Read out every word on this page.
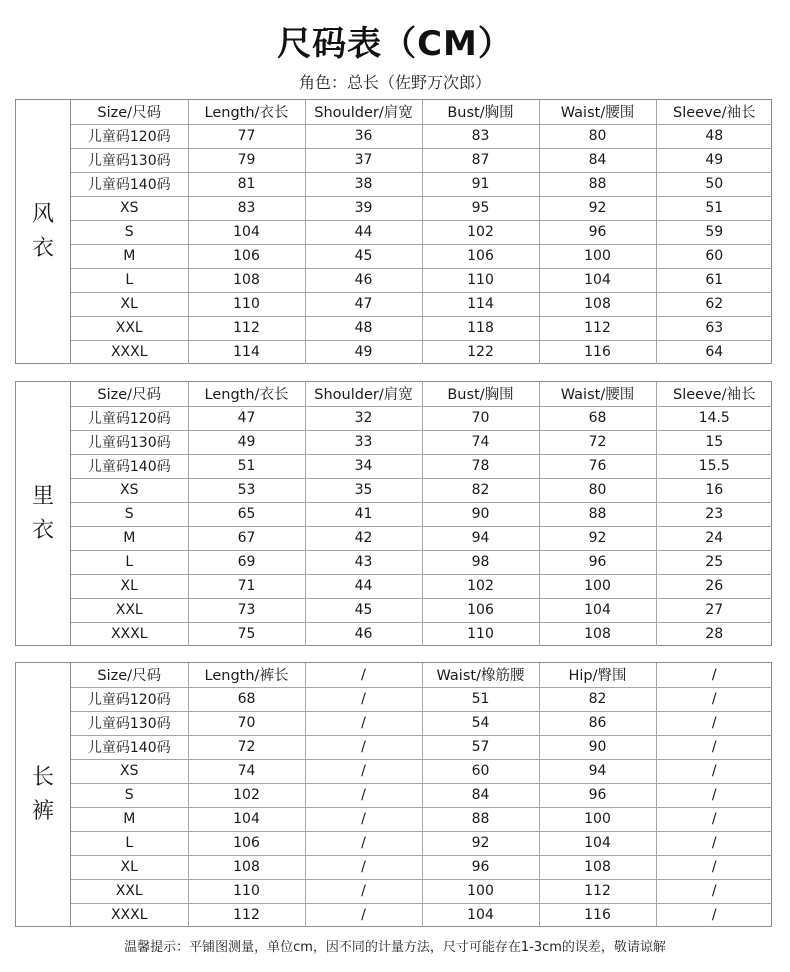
尺码表（CM）
角色：总长（佐野万次郎）
风
衣
Size/尺码	Length/衣长	Shoulder/肩宽	Bust/胸围	Waist/腰围	Sleeve/袖长
儿童码120码	77	36	83	80	48
儿童码130码	79	37	87	84	49
儿童码140码	81	38	91	88	50
XS	83	39	95	92	51
S	104	44	102	96	59
M	106	45	106	100	60
L	108	46	110	104	61
XL	110	47	114	108	62
XXL	112	48	118	112	63
XXXL	114	49	122	116	64
里
衣
Size/尺码	Length/衣长	Shoulder/肩宽	Bust/胸围	Waist/腰围	Sleeve/袖长
儿童码120码	47	32	70	68	14.5
儿童码130码	49	33	74	72	15
儿童码140码	51	34	78	76	15.5
XS	53	35	82	80	16
S	65	41	90	88	23
M	67	42	94	92	24
L	69	43	98	96	25
XL	71	44	102	100	26
XXL	73	45	106	104	27
XXXL	75	46	110	108	28
长
裤
Size/尺码	Length/裤长	/	Waist/橡筋腰	Hip/臀围	/
儿童码120码	68	/	51	82	/
儿童码130码	70	/	54	86	/
儿童码140码	72	/	57	90	/
XS	74	/	60	94	/
S	102	/	84	96	/
M	104	/	88	100	/
L	106	/	92	104	/
XL	108	/	96	108	/
XXL	110	/	100	112	/
XXXL	112	/	104	116	/
温馨提示：平铺图测量，单位cm，因不同的计量方法，尺寸可能存在1-3cm的误差，敬请谅解
